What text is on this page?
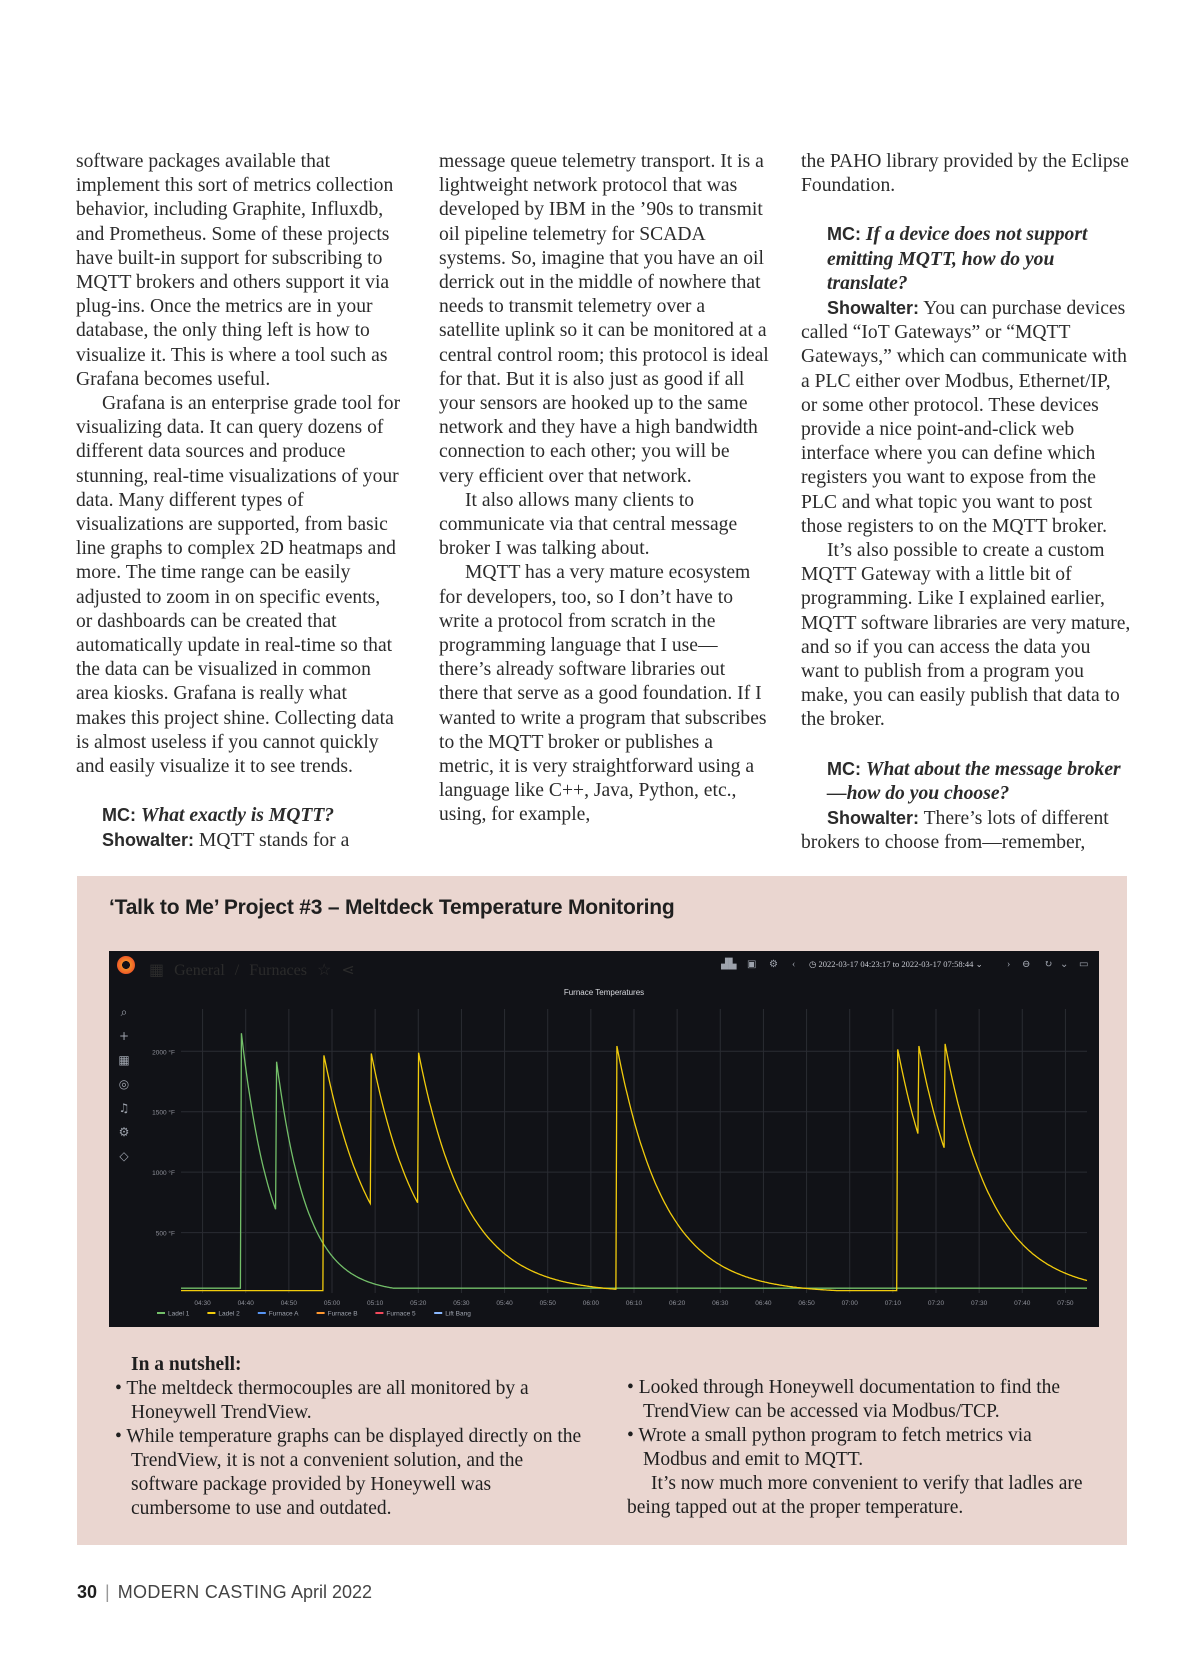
software packages available that implement this sort of metrics collection behavior, including Graphite, Influxdb, and Prometheus. Some of these projects have built-in support for subscribing to MQTT brokers and others support it via plug-ins. Once the metrics are in your database, the only thing left is how to visualize it. This is where a tool such as Grafana becomes useful.

Grafana is an enterprise grade tool for visualizing data. It can query dozens of different data sources and produce stunning, real-time visualizations of your data. Many different types of visualizations are supported, from basic line graphs to complex 2D heatmaps and more. The time range can be easily adjusted to zoom in on specific events, or dashboards can be created that automatically update in real-time so that the data can be visualized in common area kiosks. Grafana is really what makes this project shine. Collecting data is almost useless if you cannot quickly and easily visualize it to see trends.

MC: What exactly is MQTT?

Showalter: MQTT stands for a

message queue telemetry transport. It is a lightweight network protocol that was developed by IBM in the ’90s to transmit oil pipeline telemetry for SCADA systems. So, imagine that you have an oil derrick out in the middle of nowhere that needs to transmit telemetry over a satellite uplink so it can be monitored at a central control room; this protocol is ideal for that. But it is also just as good if all your sensors are hooked up to the same network and they have a high bandwidth connection to each other; you will be very efficient over that network.

It also allows many clients to communicate via that central message broker I was talking about.

MQTT has a very mature ecosystem for developers, too, so I don’t have to write a protocol from scratch in the programming language that I use—there’s already software libraries out there that serve as a good foundation. If I wanted to write a program that subscribes to the MQTT broker or publishes a metric, it is very straightforward using a language like C++, Java, Python, etc., using, for example,

the PAHO library provided by the Eclipse Foundation.

MC: If a device does not support emitting MQTT, how do you translate?

Showalter: You can purchase devices called “IoT Gateways” or “MQTT Gateways,” which can communicate with a PLC either over Modbus, Ethernet/IP, or some other protocol. These devices provide a nice point-and-click web interface where you can define which registers you want to expose from the PLC and what topic you want to post those registers to on the MQTT broker.

It’s also possible to create a custom MQTT Gateway with a little bit of programming. Like I explained earlier, MQTT software libraries are very mature, and so if you can access the data you want to publish from a program you make, you can easily publish that data to the broker.

MC: What about the message broker—how do you choose?

Showalter: There’s lots of different brokers to choose from—remember,

‘Talk to Me’ Project #3 – Meltdeck Temperature Monitoring
▦ General / Furnaces ☆ ⋖	▟▙ ▣ ⚙ ‹ ◷ 2022-03-17 04:23:17 to 2022-03-17 07:58:44 ⌄ › ⊖ ↻ ⌄ ▭
⌕
+
▦
◎
♫
⚙
◇
Furnace Temperatures
500 °F
1000 °F
1500 °F
2000 °F
04:30	04:40	04:50	05:00	05:10	05:20	05:30	05:40	05:50	06:00	06:10	06:20	06:30	06:40	06:50	07:00	07:10	07:20	07:30	07:40	07:50
Ladel 1	Ladel 2	Furnace A	Furnace B	Furnace 5	Lift Bang
In a nutshell:

• The meltdeck thermocouples are all monitored by a Honeywell TrendView.

• While temperature graphs can be displayed directly on the TrendView, it is not a convenient solution, and the software package provided by Honeywell was cumbersome to use and outdated.

• Looked through Honeywell documentation to find the TrendView can be accessed via Modbus/TCP.

• Wrote a small python program to fetch metrics via Modbus and emit to MQTT.

It’s now much more convenient to verify that ladles are being tapped out at the proper temperature.

30 | MODERN CASTING April 2022
